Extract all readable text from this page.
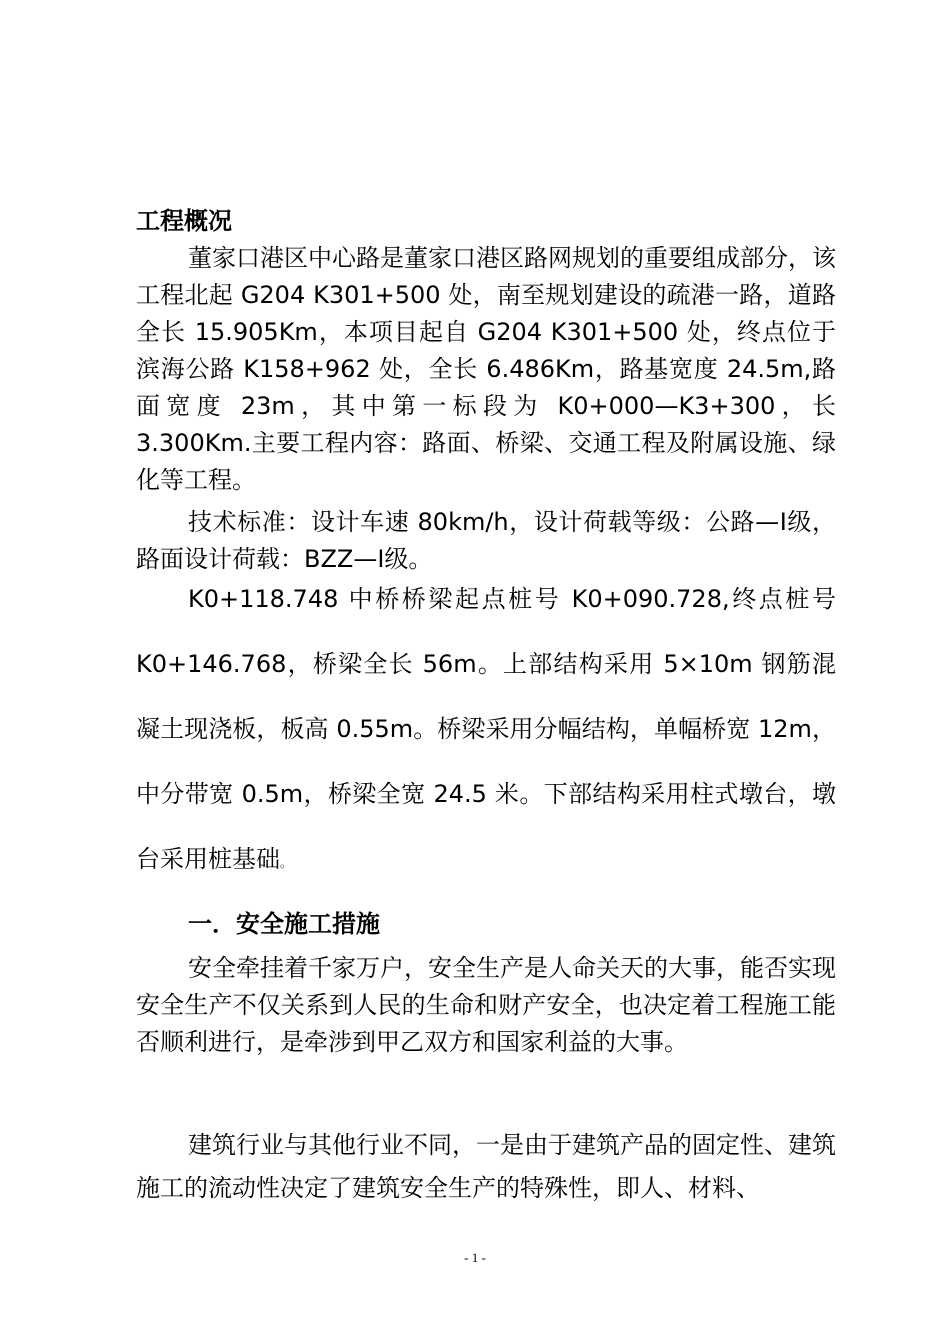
工程概况

董家口港区中心路是董家口港区路网规划的重要组成部分，该工程北起 G204 K301+500 处，南至规划建设的疏港一路，道路全长 15.905Km，本项目起自 G204 K301+500 处，终点位于滨海公路 K158+962 处，全长 6.486Km，路基宽度 24.5m,路面宽度 23m，其中第一标段为 K0+000—K3+300，长 3.300Km.主要工程内容：路面、桥梁、交通工程及附属设施、绿化等工程。

技术标准：设计车速 80km/h，设计荷载等级：公路—Ⅰ级，路面设计荷载：BZZ—Ⅰ级。

K0+118.748 中桥桥梁起点桩号 K0+090.728,终点桩号 K0+146.768，桥梁全长 56m。上部结构采用 5×10m 钢筋混凝土现浇板，板高 0.55m。桥梁采用分幅结构，单幅桥宽 12m，中分带宽 0.5m，桥梁全宽 24.5 米。下部结构采用柱式墩台，墩台采用桩基础。

一．安全施工措施

安全牵挂着千家万户，安全生产是人命关天的大事，能否实现安全生产不仅关系到人民的生命和财产安全，也决定着工程施工能否顺利进行，是牵涉到甲乙双方和国家利益的大事。

建筑行业与其他行业不同，一是由于建筑产品的固定性、建筑施工的流动性决定了建筑安全生产的特殊性，即人、材料、

- 1 -
